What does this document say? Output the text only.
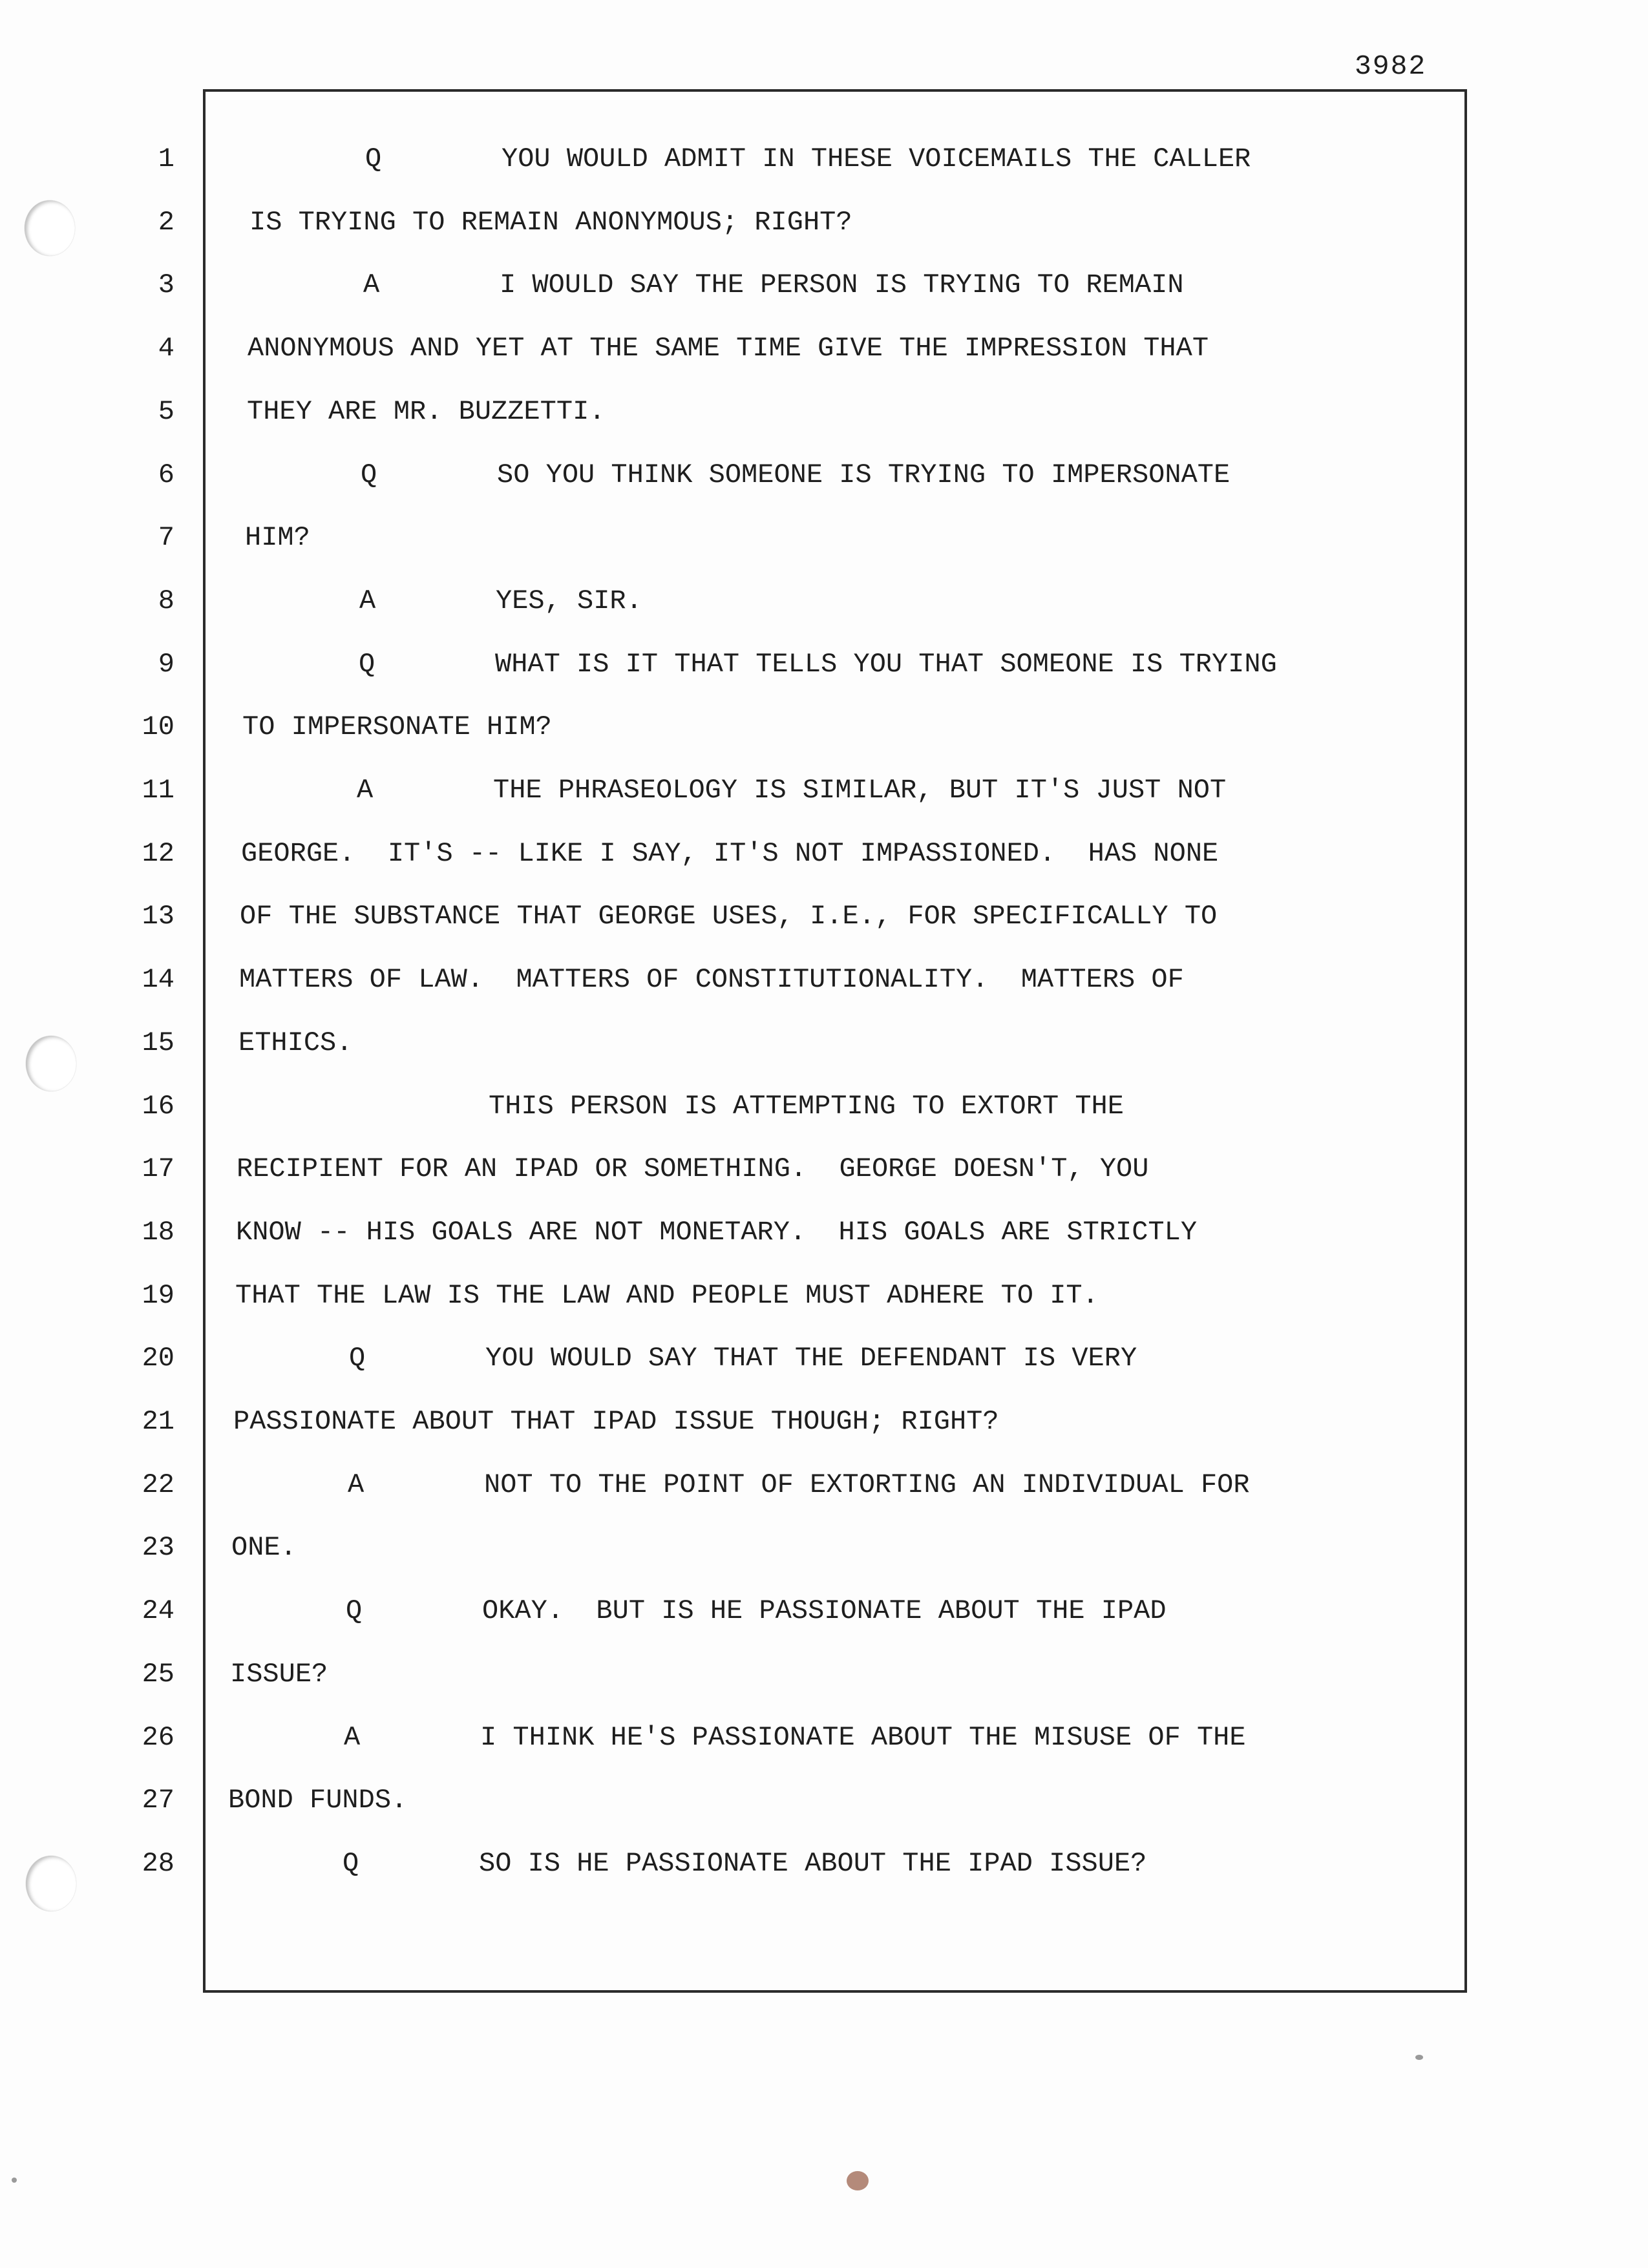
3982
1	Q	YOU WOULD ADMIT IN THESE VOICEMAILS THE CALLER
2	IS TRYING TO REMAIN ANONYMOUS; RIGHT?
3	A	I WOULD SAY THE PERSON IS TRYING TO REMAIN
4	ANONYMOUS AND YET AT THE SAME TIME GIVE THE IMPRESSION THAT
5	THEY ARE MR. BUZZETTI.
6	Q	SO YOU THINK SOMEONE IS TRYING TO IMPERSONATE
7	HIM?
8	A	YES, SIR.
9	Q	WHAT IS IT THAT TELLS YOU THAT SOMEONE IS TRYING
10	TO IMPERSONATE HIM?
11	A	THE PHRASEOLOGY IS SIMILAR, BUT IT'S JUST NOT
12 GEORGE.  IT'S -- LIKE I SAY, IT'S NOT IMPASSIONED.  HAS NONE
13 OF THE SUBSTANCE THAT GEORGE USES, I.E., FOR SPECIFICALLY TO
14 MATTERS OF LAW.  MATTERS OF CONSTITUTIONALITY.  MATTERS OF
15 ETHICS.
16	THIS PERSON IS ATTEMPTING TO EXTORT THE
17 RECIPIENT FOR AN IPAD OR SOMETHING.  GEORGE DOESN'T, YOU
18 KNOW -- HIS GOALS ARE NOT MONETARY.  HIS GOALS ARE STRICTLY
19 THAT THE LAW IS THE LAW AND PEOPLE MUST ADHERE TO IT.
20	Q	YOU WOULD SAY THAT THE DEFENDANT IS VERY
21 PASSIONATE ABOUT THAT IPAD ISSUE THOUGH; RIGHT?
22	A	NOT TO THE POINT OF EXTORTING AN INDIVIDUAL FOR
23 ONE.
24	Q	OKAY.  BUT IS HE PASSIONATE ABOUT THE IPAD
25 ISSUE?
26	A	I THINK HE'S PASSIONATE ABOUT THE MISUSE OF THE
27 BOND FUNDS.
28	Q	SO IS HE PASSIONATE ABOUT THE IPAD ISSUE?
